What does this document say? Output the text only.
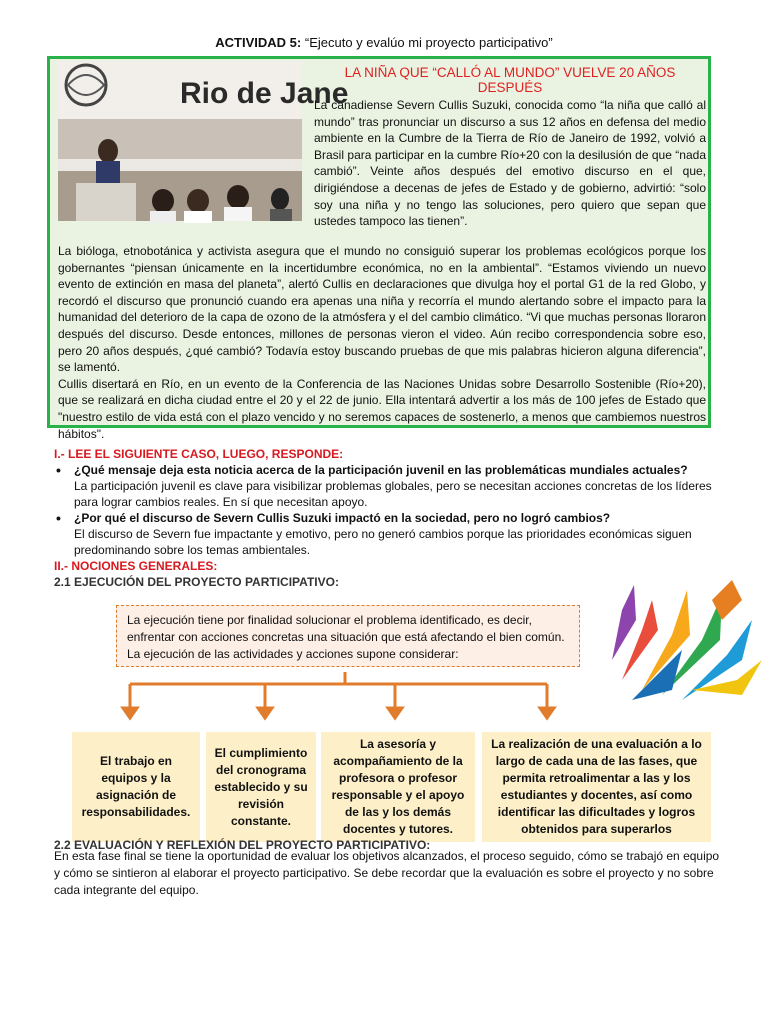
ACTIVIDAD 5: “Ejecuto y evalúo mi proyecto participativo”
Rio de Jane
LA NIÑA QUE “CALLÓ AL MUNDO” VUELVE 20 AÑOS DESPUÉS
La canadiense Severn Cullis Suzuki, conocida como “la niña que calló al mundo” tras pronunciar un discurso a sus 12 años en defensa del medio ambiente en la Cumbre de la Tierra de Río de Janeiro de 1992, volvió a Brasil para participar en la cumbre Río+20 con la desilusión de que “nada cambió”. Veinte años después del emotivo discurso en el que, dirigiéndose a decenas de jefes de Estado y de gobierno, advirtió: “solo soy una niña y no tengo las soluciones, pero quiero que sepan que ustedes tampoco las tienen”.
La bióloga, etnobotánica y activista asegura que el mundo no consiguió superar los problemas ecológicos porque los gobernantes “piensan únicamente en la incertidumbre económica, no en la ambiental”. “Estamos viviendo un nuevo evento de extinción en masa del planeta”, alertó Cullis en declaraciones que divulga hoy el portal G1 de la red Globo, y recordó el discurso que pronunció cuando era apenas una niña y recorría el mundo alertando sobre el impacto para la humanidad del deterioro de la capa de ozono de la atmósfera y el del cambio climático. “Vi que muchas personas lloraron después del discurso. Desde entonces, millones de personas vieron el video. Aún recibo correspondencia sobre eso, pero 20 años después, ¿qué cambió? Todavía estoy buscando pruebas de que mis palabras hicieron alguna diferencia”, se lamentó.
Cullis disertará en Río, en un evento de la Conferencia de las Naciones Unidas sobre Desarrollo Sostenible (Río+20), que se realizará en dicha ciudad entre el 20 y el 22 de junio. Ella intentará advertir a los más de 100 jefes de Estado que "nuestro estilo de vida está con el plazo vencido y no seremos capaces de sostenerlo, a menos que cambiemos nuestros hábitos".
I.- LEE EL SIGUIENTE CASO, LUEGO, RESPONDE:
• ¿Qué mensaje deja esta noticia acerca de la participación juvenil en las problemáticas mundiales actuales?
La participación juvenil es clave para visibilizar problemas globales, pero se necesitan acciones concretas de los líderes para lograr cambios reales. En sí que necesitan apoyo.
• ¿Por qué el discurso de Severn Cullis Suzuki impactó en la sociedad, pero no logró cambios?
El discurso de Severn fue impactante y emotivo, pero no generó cambios porque las prioridades económicas siguen predominando sobre los temas ambientales.
II.- NOCIONES GENERALES:
2.1 EJECUCIÓN DEL PROYECTO PARTICIPATIVO:
La ejecución tiene por finalidad solucionar el problema identificado, es decir, enfrentar con acciones concretas una situación que está afectando el bien común. La ejecución de las actividades y acciones supone considerar:
El trabajo en equipos y la asignación de responsabilidades.
El cumplimiento del cronograma establecido y su revisión constante.
La asesoría y acompañamiento de la profesora o profesor responsable y el apoyo de las y los demás docentes y tutores.
La realización de una evaluación a lo largo de cada una de las fases, que permita retroalimentar a las y los estudiantes y docentes, así como identificar las dificultades y logros obtenidos para superarlos
2.2 EVALUACIÓN Y REFLEXIÓN DEL PROYECTO PARTICIPATIVO:
En esta fase final se tiene la oportunidad de evaluar los objetivos alcanzados, el proceso seguido, cómo se trabajó en equipo y cómo se sintieron al elaborar el proyecto participativo. Se debe recordar que la evaluación es sobre el proyecto y no sobre cada integrante del equipo.
